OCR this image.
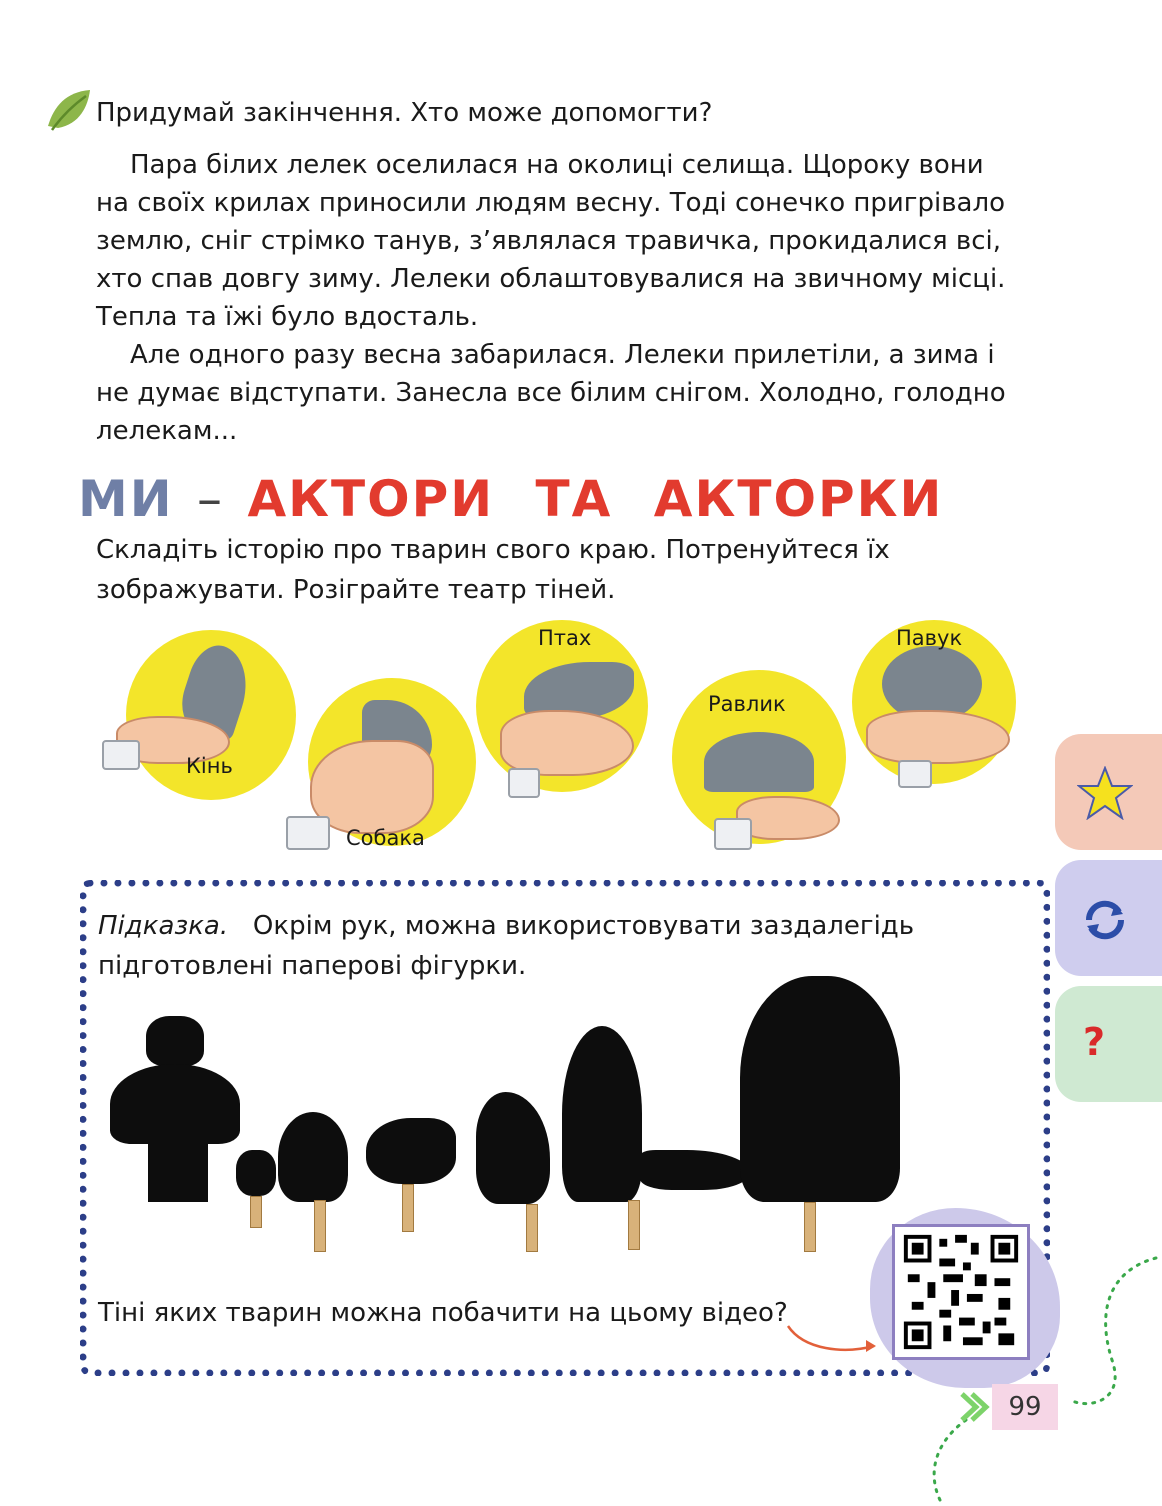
Придумай закінчення. Хто може допомогти?
Пара білих лелек оселилася на околиці селища. Щороку вони
на своїх крилах приносили людям весну. Тоді сонечко пригрівало
землю, сніг стрімко танув, з’являлася травичка, прокидалися всі,
хто спав довгу зиму. Лелеки облаштовувалися на звичному місці.
Тепла та їжі було вдосталь.
Але одного разу весна забарилася. Лелеки прилетіли, а зима і
не думає відступати. Занесла все білим снігом. Холодно, голодно
лелекам...
МИ – АКТОРИ ТА АКТОРКИ
Складіть історію про тварин свого краю. Потренуйтеся їх
зображувати. Розіграйте театр тіней.
Кінь
Собака
Птах
Равлик
Павук
Підказка.   Окрім рук, можна використовувати заздалегідь
підготовлені паперові фігурки.
Тіні яких тварин можна побачити на цьому відео?
?
99
